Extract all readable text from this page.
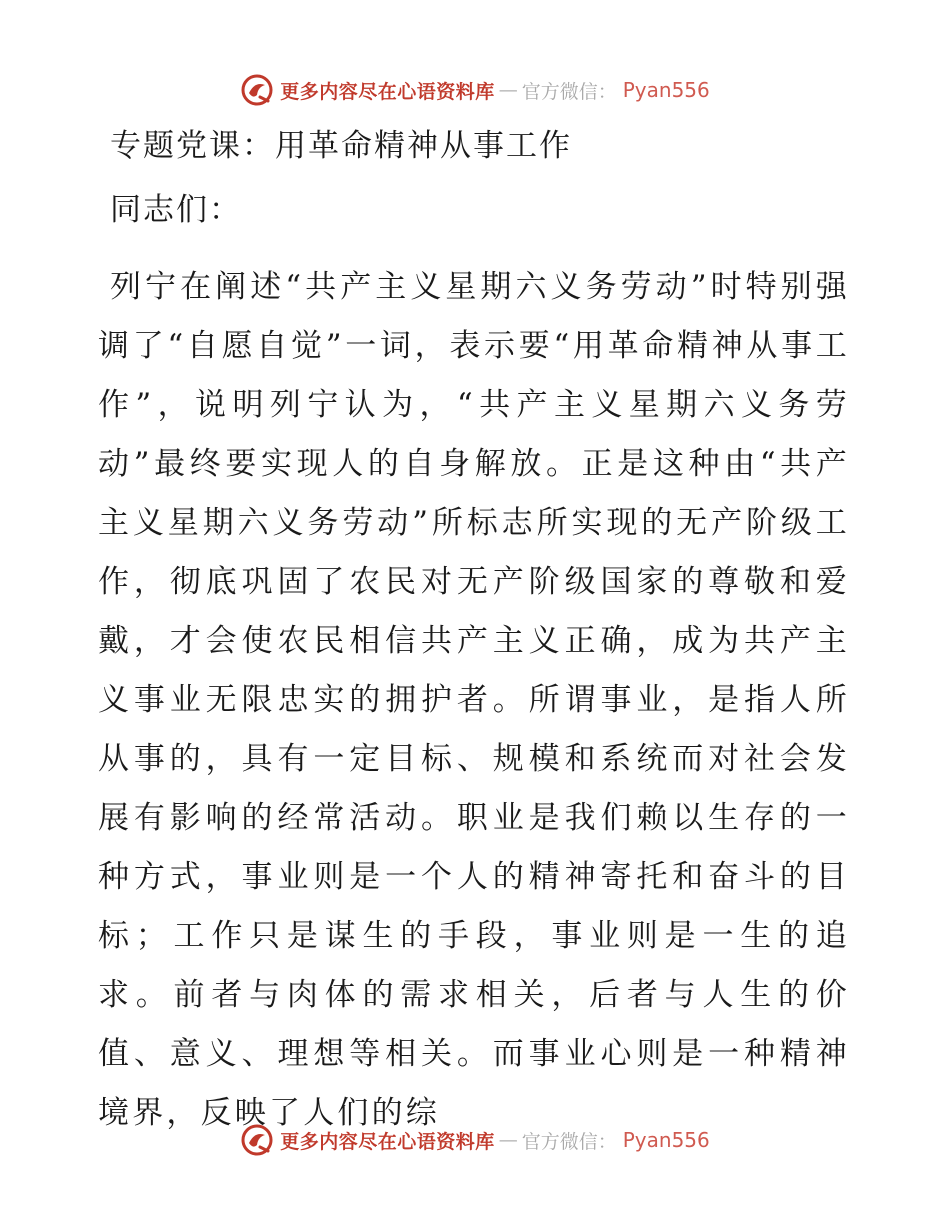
更多内容尽在心语资料库 — 官方微信： Pyan556
专题党课：用革命精神从事工作
同志们：

列宁在阐述“共产主义星期六义务劳动”时特别强调了“自愿自觉”一词，表示要“用革命精神从事工作”，说明列宁认为，“共产主义星期六义务劳动”最终要实现人的自身解放。正是这种由“共产主义星期六义务劳动”所标志所实现的无产阶级工作，彻底巩固了农民对无产阶级国家的尊敬和爱戴，才会使农民相信共产主义正确，成为共产主义事业无限忠实的拥护者。所谓事业，是指人所从事的，具有一定目标、规模和系统而对社会发展有影响的经常活动。职业是我们赖以生存的一种方式，事业则是一个人的精神寄托和奋斗的目标；工作只是谋生的手段，事业则是一生的追求。前者与肉体的需求相关，后者与人生的价值、意义、理想等相关。而事业心则是一种精神境界，反映了人们的综

更多内容尽在心语资料库 — 官方微信： Pyan556
